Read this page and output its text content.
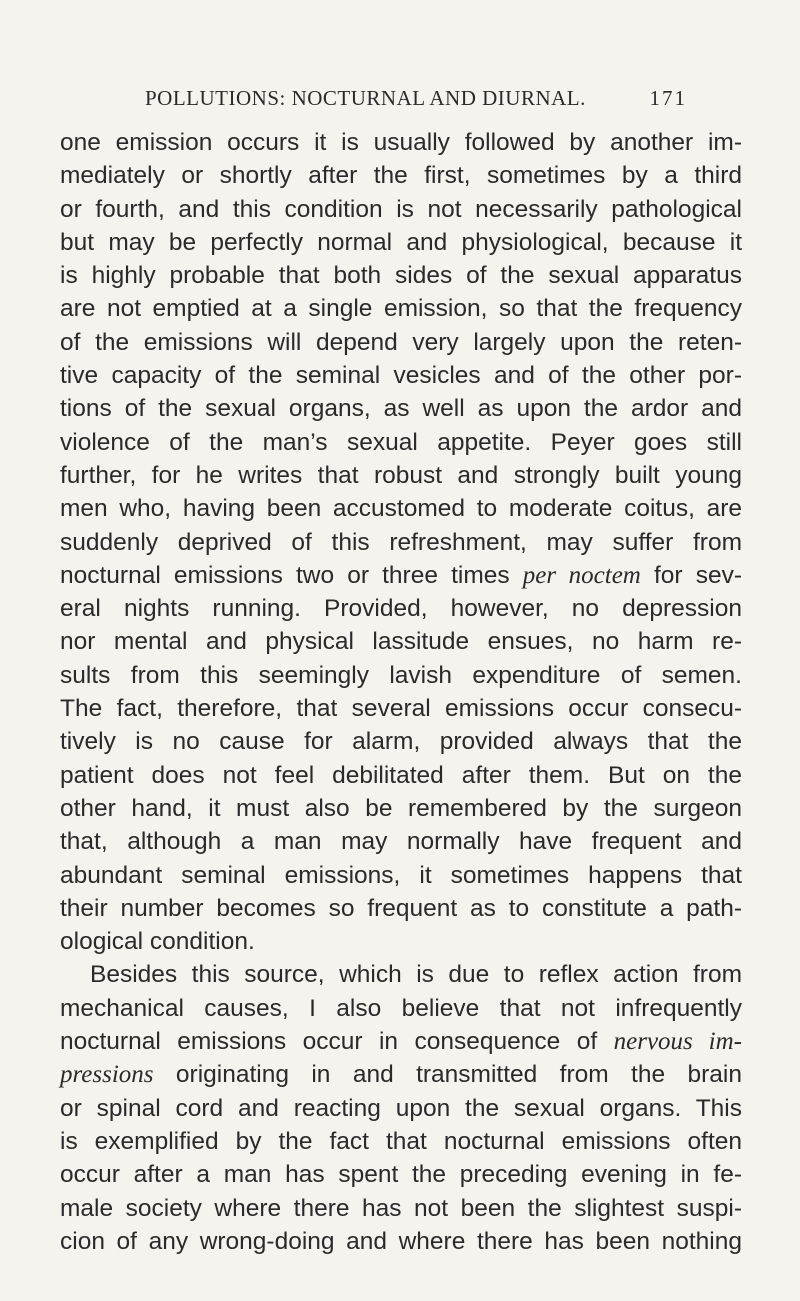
POLLUTIONS: NOCTURNAL AND DIURNAL.	171
one emission occurs it is usually followed by another im-
mediately or shortly after the first, sometimes by a third
or fourth, and this condition is not necessarily pathological
but may be perfectly normal and physiological, because it
is highly probable that both sides of the sexual apparatus
are not emptied at a single emission, so that the frequency
of the emissions will depend very largely upon the reten-
tive capacity of the seminal vesicles and of the other por-
tions of the sexual organs, as well as upon the ardor and
violence of the man’s sexual appetite. Peyer goes still
further, for he writes that robust and strongly built young
men who, having been accustomed to moderate coitus, are
suddenly deprived of this refreshment, may suffer from
nocturnal emissions two or three times per noctem for sev-
eral nights running. Provided, however, no depression
nor mental and physical lassitude ensues, no harm re-
sults from this seemingly lavish expenditure of semen.
The fact, therefore, that several emissions occur consecu-
tively is no cause for alarm, provided always that the
patient does not feel debilitated after them. But on the
other hand, it must also be remembered by the surgeon
that, although a man may normally have frequent and
abundant seminal emissions, it sometimes happens that
their number becomes so frequent as to constitute a path-
ological condition.
Besides this source, which is due to reflex action from
mechanical causes, I also believe that not infrequently
nocturnal emissions occur in consequence of nervous im-
pressions originating in and transmitted from the brain
or spinal cord and reacting upon the sexual organs. This
is exemplified by the fact that nocturnal emissions often
occur after a man has spent the preceding evening in fe-
male society where there has not been the slightest suspi-
cion of any wrong-doing and where there has been nothing
